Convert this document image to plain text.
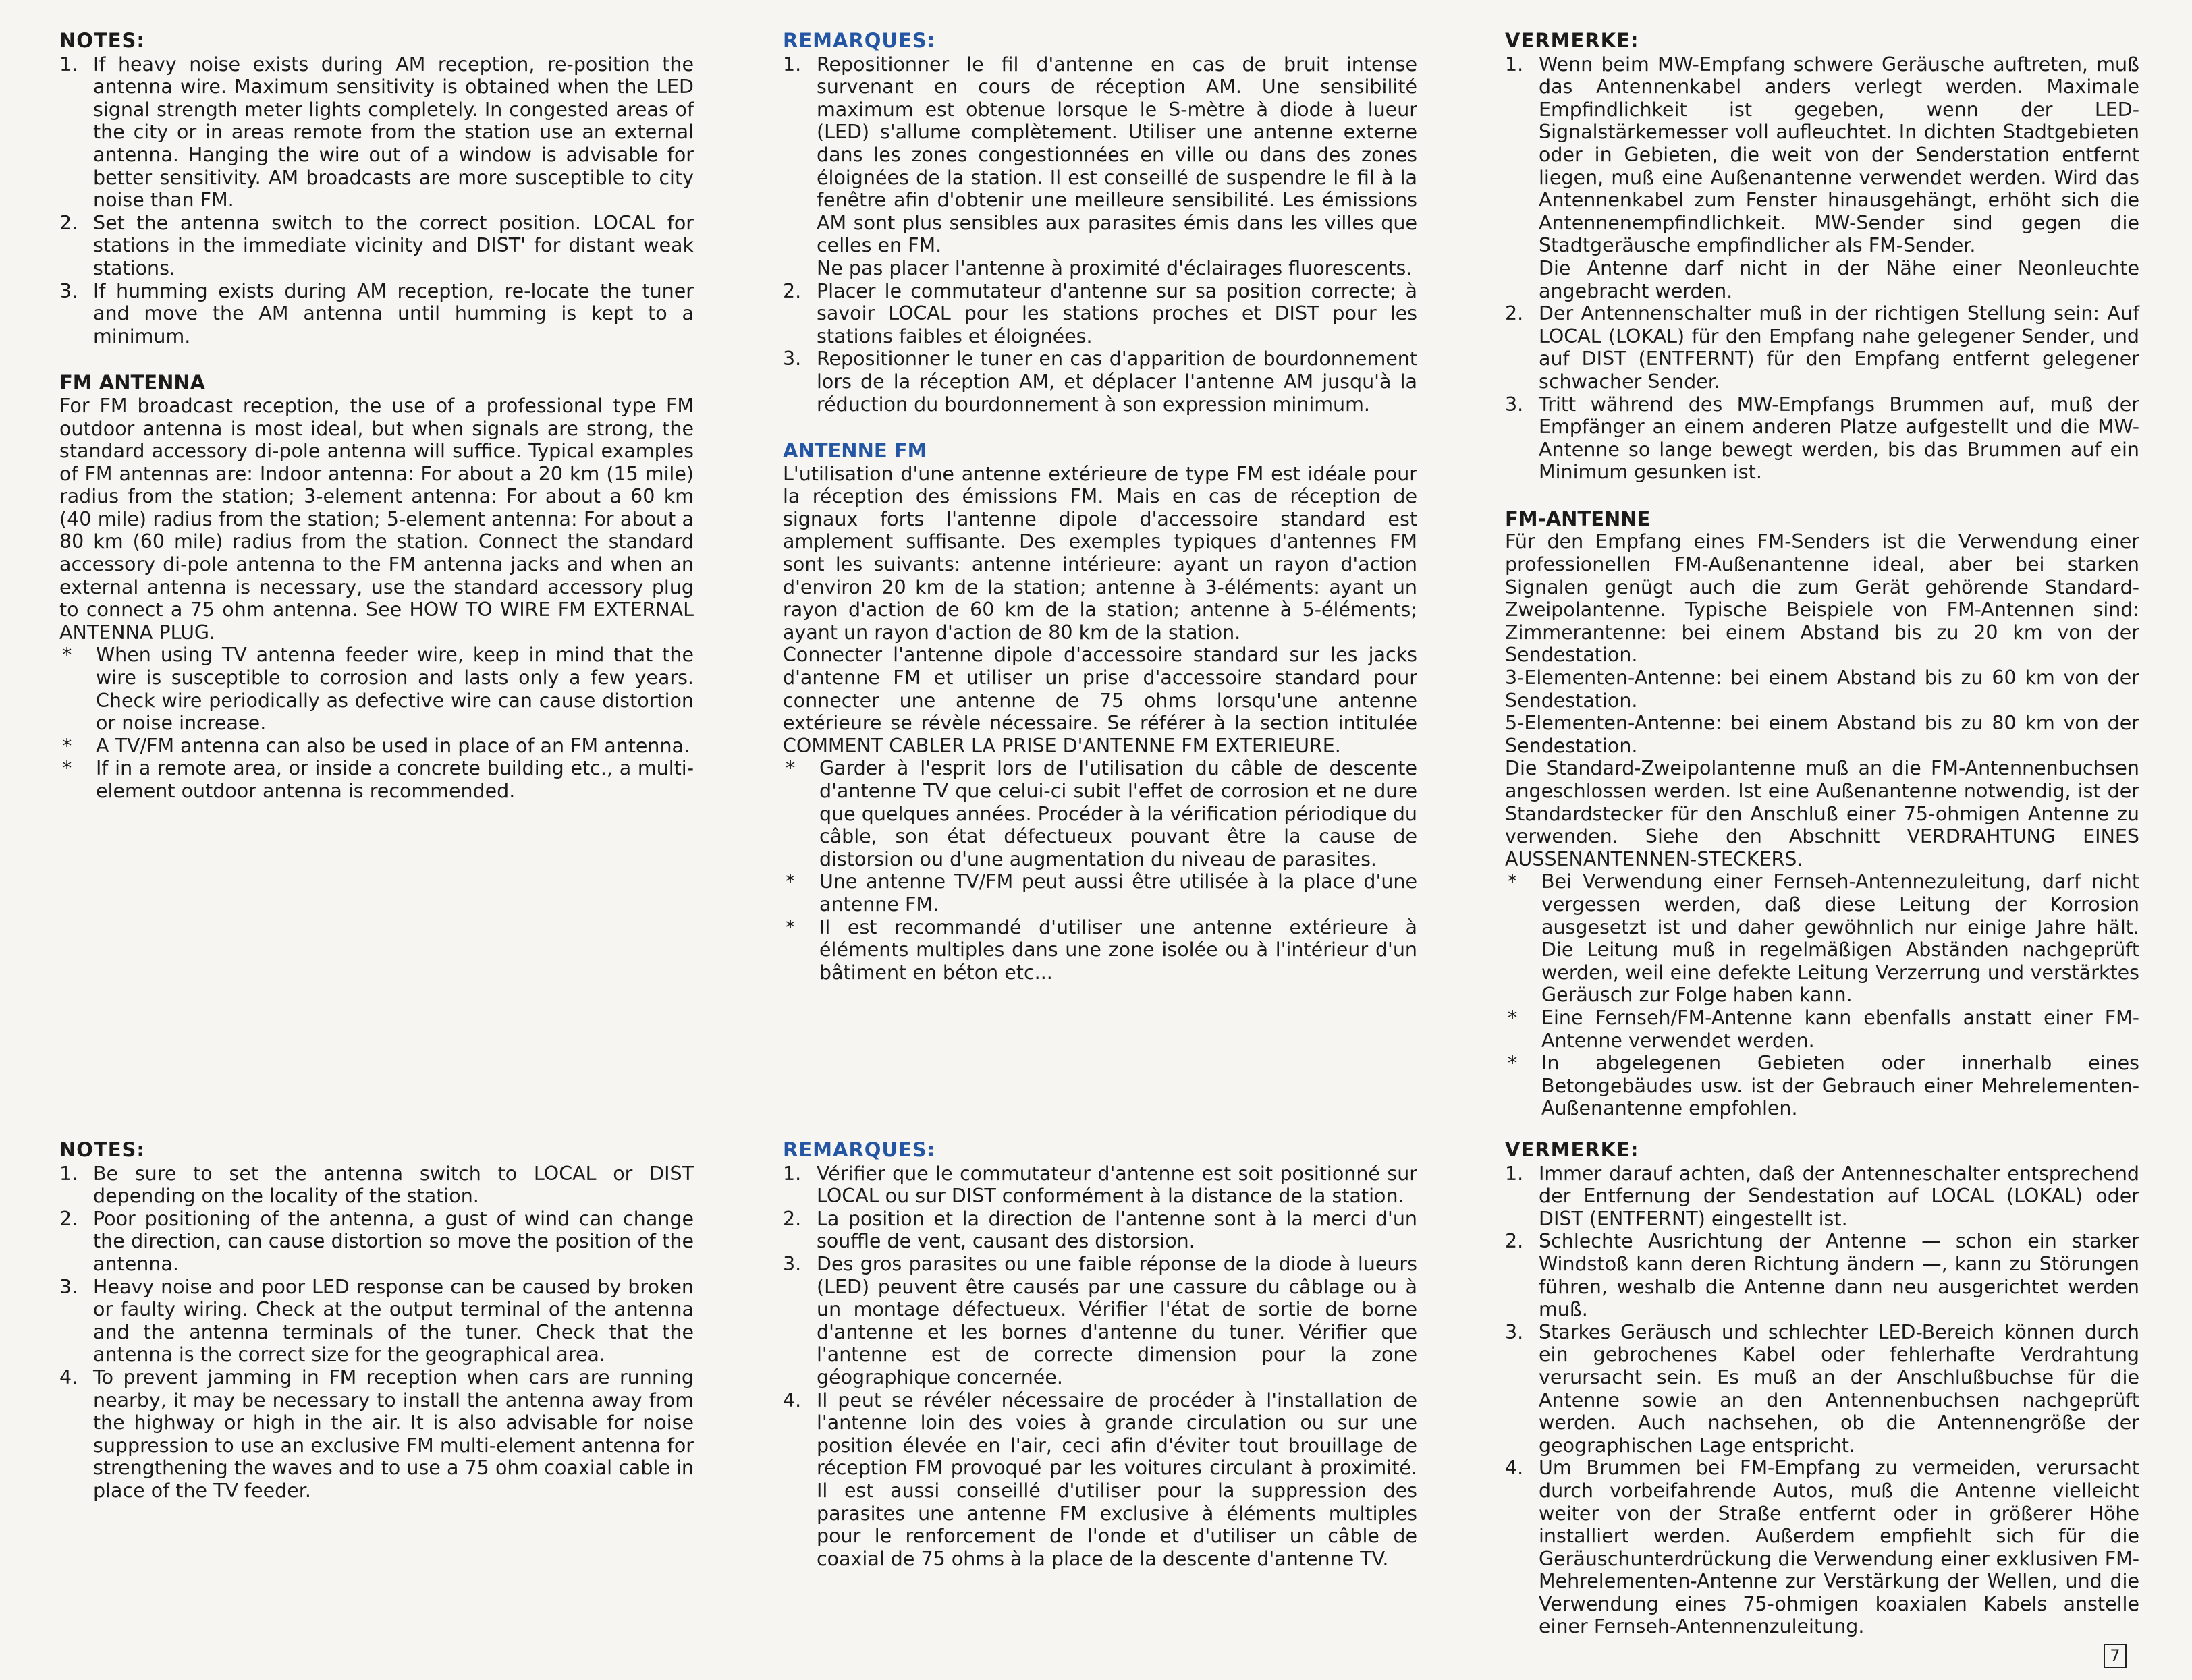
NOTES:
1. If heavy noise exists during AM reception, re-position the antenna wire. Maximum sensitivity is obtained when the LED signal strength meter lights completely. In congested areas of the city or in areas remote from the station use an external antenna. Hanging the wire out of a window is advisable for better sensitivity. AM broadcasts are more susceptible to city noise than FM.
2. Set the antenna switch to the correct position. LOCAL for stations in the immediate vicinity and DIST' for distant weak stations.
3. If humming exists during AM reception, re-locate the tuner and move the AM antenna until humming is kept to a minimum.
FM ANTENNA

For FM broadcast reception, the use of a professional type FM outdoor antenna is most ideal, but when signals are strong, the standard accessory di-pole antenna will suffice. Typical examples of FM antennas are: Indoor antenna: For about a 20 km (15 mile) radius from the station; 3-element antenna: For about a 60 km (40 mile) radius from the station; 5-element antenna: For about a 80 km (60 mile) radius from the station. Connect the standard accessory di-pole antenna to the FM antenna jacks and when an external antenna is necessary, use the standard accessory plug to connect a 75 ohm antenna. See HOW TO WIRE FM EXTERNAL ANTENNA PLUG.

*	When using TV antenna feeder wire, keep in mind that the wire is susceptible to corrosion and lasts only a few years. Check wire periodically as defective wire can cause distortion or noise increase.
*	A TV/FM antenna can also be used in place of an FM antenna.
*	If in a remote area, or inside a concrete building etc., a multi-element outdoor antenna is recommended.
REMARQUES:
1. Repositionner le fil d'antenne en cas de bruit intense survenant en cours de réception AM. Une sensibilité maximum est obtenue lorsque le S-mètre à diode à lueur (LED) s'allume complètement. Utiliser une antenne externe dans les zones congestionnées en ville ou dans des zones éloignées de la station. Il est conseillé de suspendre le fil à la fenêtre afin d'obtenir une meilleure sensibilité. Les émissions AM sont plus sensibles aux parasites émis dans les villes que celles en FM.

Ne pas placer l'antenne à proximité d'éclairages fluorescents.

2. Placer le commutateur d'antenne sur sa position correcte; à savoir LOCAL pour les stations proches et DIST pour les stations faibles et éloignées.
3. Repositionner le tuner en cas d'apparition de bourdonnement lors de la réception AM, et déplacer l'antenne AM jusqu'à la réduction du bourdonnement à son expression minimum.
ANTENNE FM

L'utilisation d'une antenne extérieure de type FM est idéale pour la réception des émissions FM. Mais en cas de réception de signaux forts l'antenne dipole d'accessoire standard est amplement suffisante. Des exemples typiques d'antennes FM sont les suivants: antenne intérieure: ayant un rayon d'action d'environ 20 km de la station; antenne à 3-éléments: ayant un rayon d'action de 60 km de la station; antenne à 5-éléments; ayant un rayon d'action de 80 km de la station.

Connecter l'antenne dipole d'accessoire standard sur les jacks d'antenne FM et utiliser un prise d'accessoire standard pour connecter une antenne de 75 ohms lorsqu'une antenne extérieure se révèle nécessaire. Se référer à la section intitulée COMMENT CABLER LA PRISE D'ANTENNE FM EXTERIEURE.

*	Garder à l'esprit lors de l'utilisation du câble de descente d'antenne TV que celui-ci subit l'effet de corrosion et ne dure que quelques années. Procéder à la vérification périodique du câble, son état défectueux pouvant être la cause de distorsion ou d'une augmentation du niveau de parasites.
*	Une antenne TV/FM peut aussi être utilisée à la place d'une antenne FM.
*	Il est recommandé d'utiliser une antenne extérieure à éléments multiples dans une zone isolée ou à l'intérieur d'un bâtiment en béton etc...
VERMERKE:
1. Wenn beim MW-Empfang schwere Geräusche auftreten, muß das Antennenkabel anders verlegt werden. Maximale Empfindlichkeit ist gegeben, wenn der LED-Signalstärkemesser voll aufleuchtet. In dichten Stadtgebieten oder in Gebieten, die weit von der Senderstation entfernt liegen, muß eine Außenantenne verwendet werden. Wird das Antennenkabel zum Fenster hinausgehängt, erhöht sich die Antennenempfindlichkeit. MW-Sender sind gegen die Stadtgeräusche empfindlicher als FM-Sender.

Die Antenne darf nicht in der Nähe einer Neonleuchte angebracht werden.

2. Der Antennenschalter muß in der richtigen Stellung sein: Auf LOCAL (LOKAL) für den Empfang nahe gelegener Sender, und auf DIST (ENTFERNT) für den Empfang entfernt gelegener schwacher Sender.
3. Tritt während des MW-Empfangs Brummen auf, muß der Empfänger an einem anderen Platze aufgestellt und die MW-Antenne so lange bewegt werden, bis das Brummen auf ein Minimum gesunken ist.
FM-ANTENNE

Für den Empfang eines FM-Senders ist die Verwendung einer professionellen FM-Außenantenne ideal, aber bei starken Signalen genügt auch die zum Gerät gehörende Standard-Zweipolantenne. Typische Beispiele von FM-Antennen sind: Zimmerantenne: bei einem Abstand bis zu 20 km von der Sendestation.

3-Elementen-Antenne: bei einem Abstand bis zu 60 km von der Sendestation.

5-Elementen-Antenne: bei einem Abstand bis zu 80 km von der Sendestation.

Die Standard-Zweipolantenne muß an die FM-Antennenbuchsen angeschlossen werden. Ist eine Außenantenne notwendig, ist der Standardstecker für den Anschluß einer 75-ohmigen Antenne zu verwenden. Siehe den Abschnitt VERDRAHTUNG EINES AUSSENANTENNEN-STECKERS.

*	Bei Verwendung einer Fernseh-Antennezuleitung, darf nicht vergessen werden, daß diese Leitung der Korrosion ausgesetzt ist und daher gewöhnlich nur einige Jahre hält. Die Leitung muß in regelmäßigen Abständen nachgeprüft werden, weil eine defekte Leitung Verzerrung und verstärktes Geräusch zur Folge haben kann.
*	Eine Fernseh/FM-Antenne kann ebenfalls anstatt einer FM-Antenne verwendet werden.
*	In abgelegenen Gebieten oder innerhalb eines Betongebäudes usw. ist der Gebrauch einer Mehrelementen-Außenantenne empfohlen.
NOTES:
1. Be sure to set the antenna switch to LOCAL or DIST depending on the locality of the station.
2. Poor positioning of the antenna, a gust of wind can change the direction, can cause distortion so move the position of the antenna.
3. Heavy noise and poor LED response can be caused by broken or faulty wiring. Check at the output terminal of the antenna and the antenna terminals of the tuner. Check that the antenna is the correct size for the geographical area.
4. To prevent jamming in FM reception when cars are running nearby, it may be necessary to install the antenna away from the highway or high in the air. It is also advisable for noise suppression to use an exclusive FM multi-element antenna for strengthening the waves and to use a 75 ohm coaxial cable in place of the TV feeder.
REMARQUES:
1. Vérifier que le commutateur d'antenne est soit positionné sur LOCAL ou sur DIST conformément à la distance de la station.
2. La position et la direction de l'antenne sont à la merci d'un souffle de vent, causant des distorsion.
3. Des gros parasites ou une faible réponse de la diode à lueurs (LED) peuvent être causés par une cassure du câblage ou à un montage défectueux. Vérifier l'état de sortie de borne d'antenne et les bornes d'antenne du tuner. Vérifier que l'antenne est de correcte dimension pour la zone géographique concernée.
4. Il peut se révéler nécessaire de procéder à l'installation de l'antenne loin des voies à grande circulation ou sur une position élevée en l'air, ceci afin d'éviter tout brouillage de réception FM provoqué par les voitures circulant à proximité. Il est aussi conseillé d'utiliser pour la suppression des parasites une antenne FM exclusive à éléments multiples pour le renforcement de l'onde et d'utiliser un câble de coaxial de 75 ohms à la place de la descente d'antenne TV.
VERMERKE:
1. Immer darauf achten, daß der Antenneschalter entsprechend der Entfernung der Sendestation auf LOCAL (LOKAL) oder DIST (ENTFERNT) eingestellt ist.
2. Schlechte Ausrichtung der Antenne — schon ein starker Windstoß kann deren Richtung ändern —, kann zu Störungen führen, weshalb die Antenne dann neu ausgerichtet werden muß.
3. Starkes Geräusch und schlechter LED-Bereich können durch ein gebrochenes Kabel oder fehlerhafte Verdrahtung verursacht sein. Es muß an der Anschlußbuchse für die Antenne sowie an den Antennenbuchsen nachgeprüft werden. Auch nachsehen, ob die Antennengröße der geographischen Lage entspricht.
4. Um Brummen bei FM-Empfang zu vermeiden, verursacht durch vorbeifahrende Autos, muß die Antenne vielleicht weiter von der Straße entfernt oder in größerer Höhe installiert werden. Außerdem empfiehlt sich für die Geräuschunterdrückung die Verwendung einer exklusiven FM-Mehrelementen-Antenne zur Verstärkung der Wellen, und die Verwendung eines 75-ohmigen koaxialen Kabels anstelle einer Fernseh-Antennenzuleitung.
7
